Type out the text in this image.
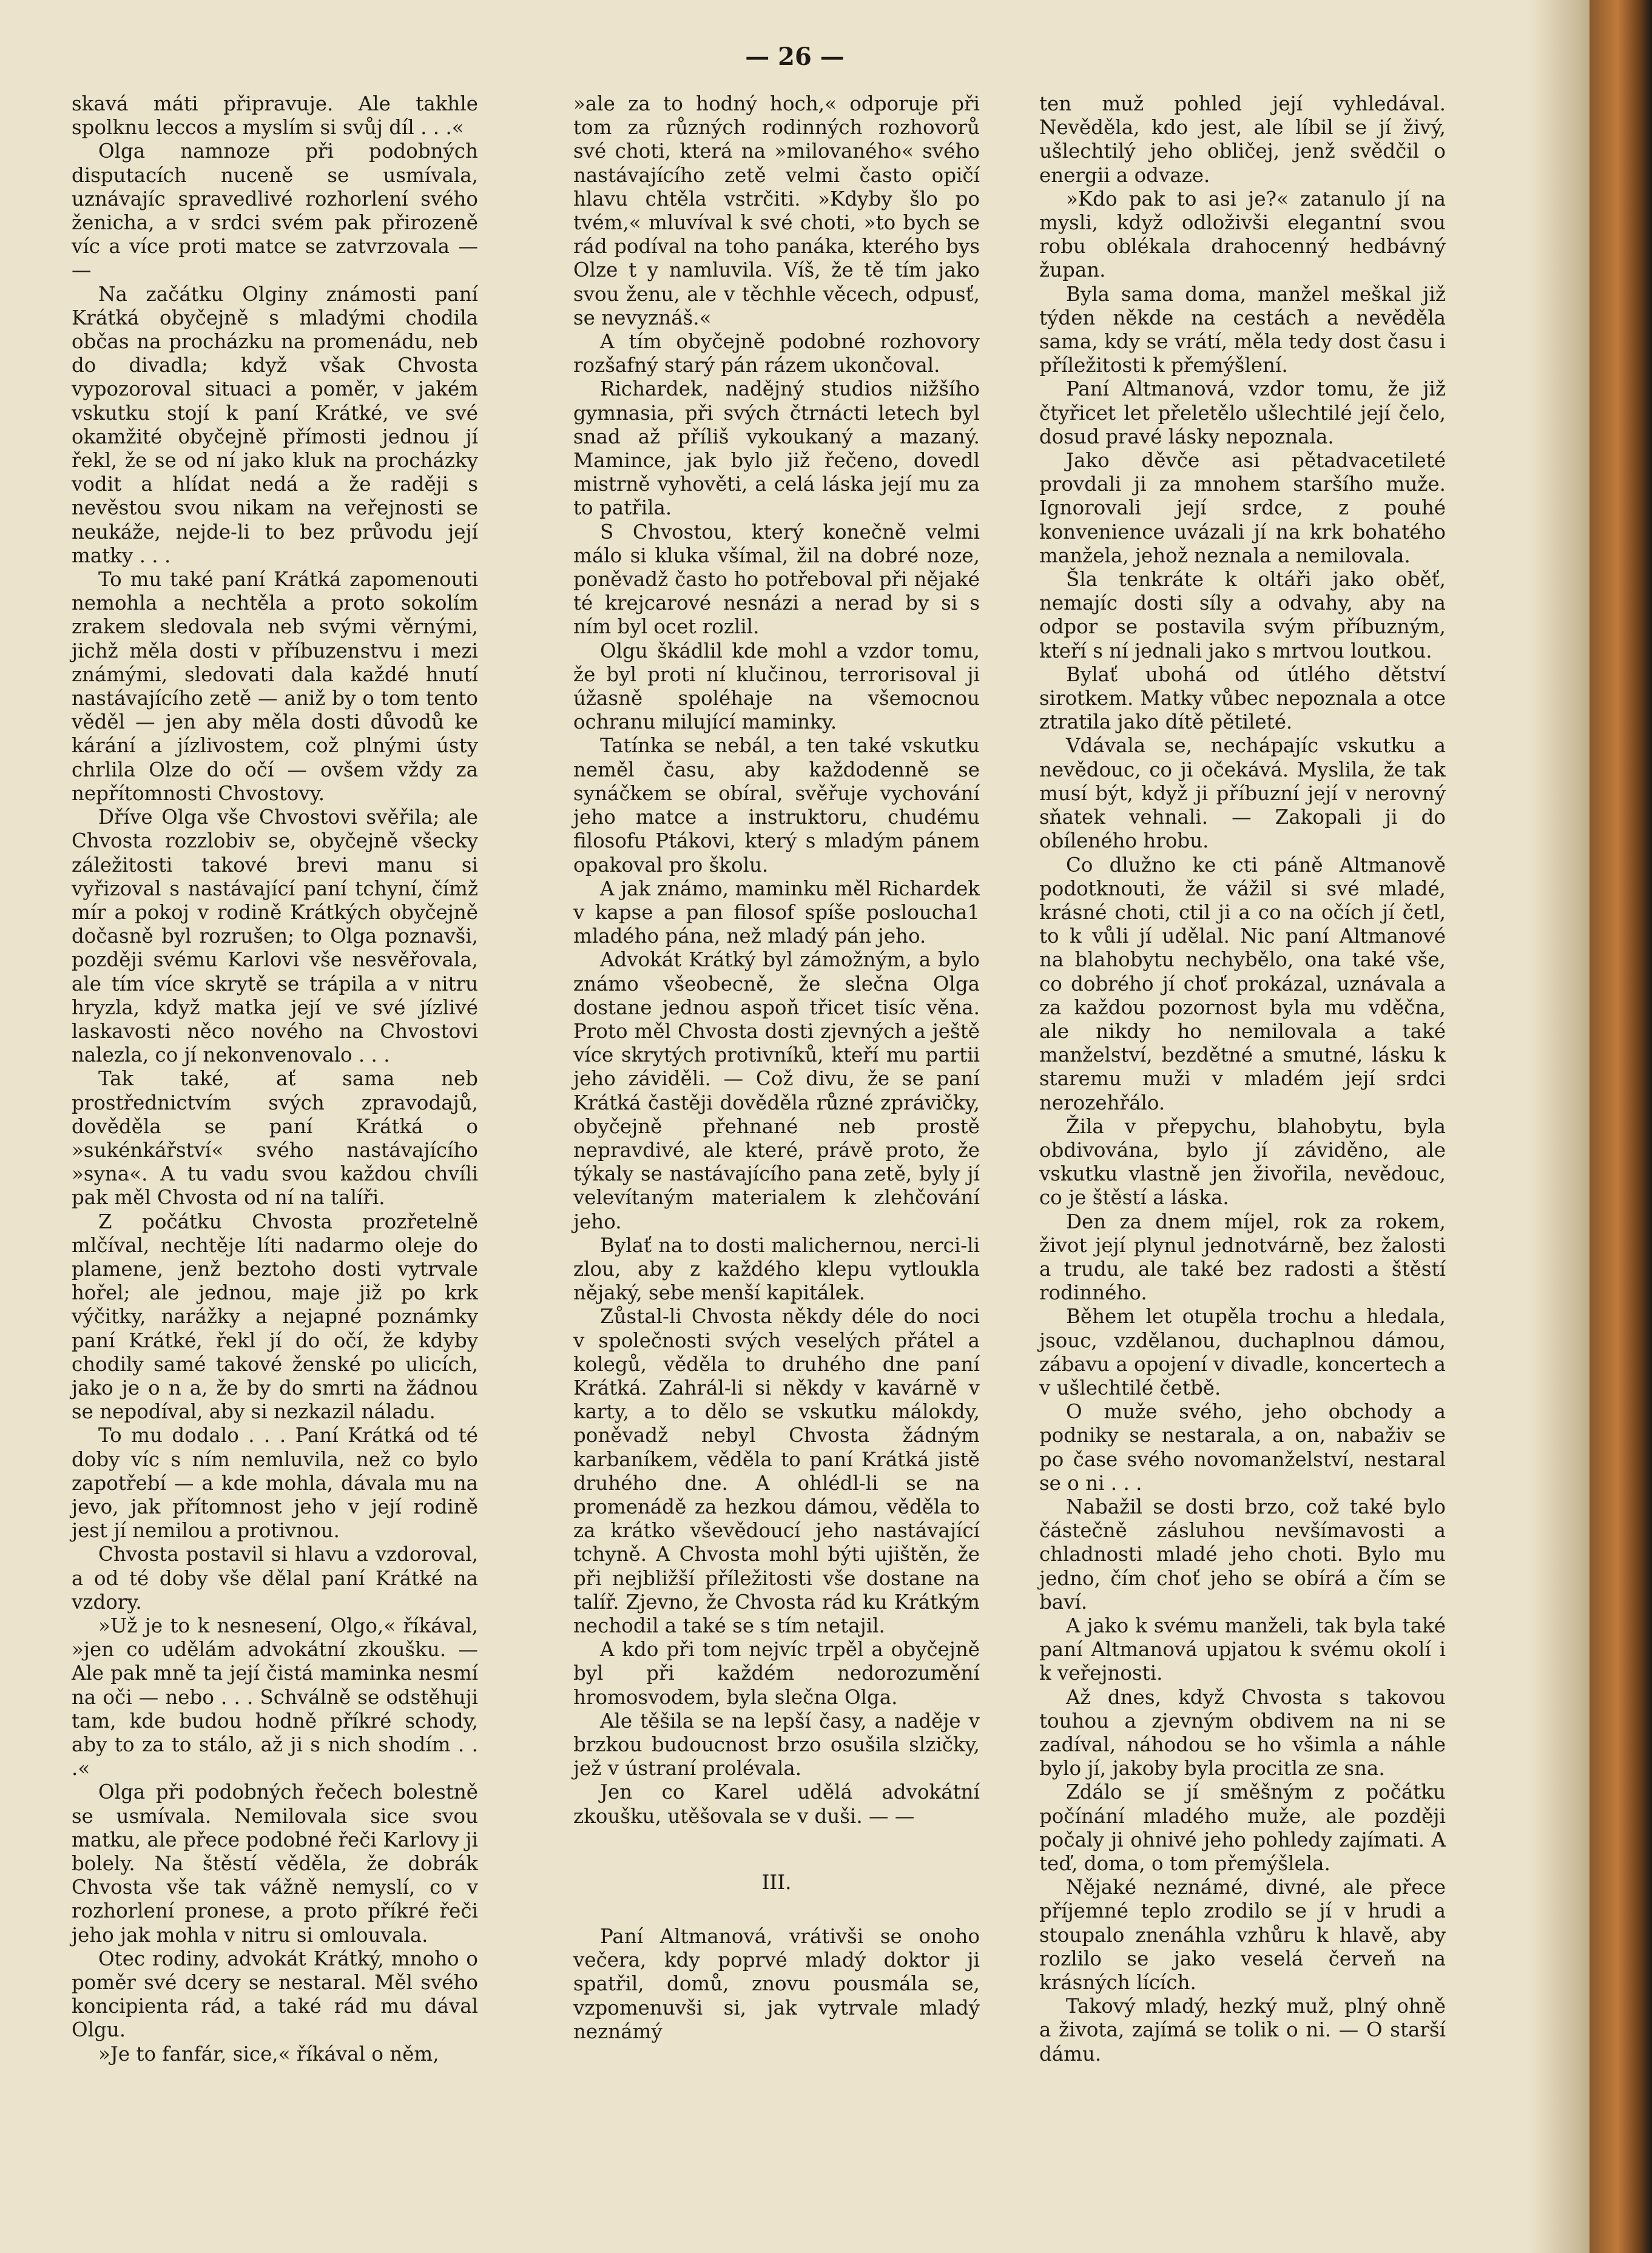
— 26 —

skavá máti připravuje. Ale takhle spolknu leccos a myslím si svůj díl . . .«

Olga namnoze při podobných disputacích nuceně se usmívala, uznávajíc spravedlivé rozhorlení svého ženicha, a v srdci svém pak přirozeně víc a více proti matce se zatvrzovala — —

Na začátku Olginy známosti paní Krátká obyčejně s mladými chodila občas na procházku na promenádu, neb do divadla; když však Chvosta vypozoroval situaci a poměr, v jakém vskutku stojí k paní Krátké, ve své okamžité obyčejně přímosti jednou jí řekl, že se od ní jako kluk na procházky vodit a hlídat nedá a že raději s nevěstou svou nikam na veřejnosti se neukáže, nejde-li to bez průvodu její matky . . .

To mu také paní Krátká zapomenouti nemohla a nechtěla a proto sokolím zrakem sledovala neb svými věrnými, jichž měla dosti v příbuzenstvu i mezi známými, sledovati dala každé hnutí nastávajícího zetě — aniž by o tom tento věděl — jen aby měla dosti důvodů ke kárání a jízlivostem, což plnými ústy chrlila Olze do očí — ovšem vždy za nepřítomnosti Chvostovy.

Dříve Olga vše Chvostovi svěřila; ale Chvosta rozzlobiv se, obyčejně všecky záležitosti takové brevi manu si vyřizoval s nastávající paní tchyní, čímž mír a pokoj v rodině Krátkých obyčejně dočasně byl rozrušen; to Olga poznavši, později svému Karlovi vše nesvěřovala, ale tím více skrytě se trápila a v nitru hryzla, když matka její ve své jízlivé laskavosti něco nového na Chvostovi nalezla, co jí nekonvenovalo . . .

Tak také, ať sama neb prostřednictvím svých zpravodajů, dověděla se paní Krátká o »sukénkářství« svého nastávajícího »syna«. A tu vadu svou každou chvíli pak měl Chvosta od ní na talíři.

Z počátku Chvosta prozřetelně mlčíval, nechtěje líti nadarmo oleje do plamene, jenž beztoho dosti vytrvale hořel; ale jednou, maje již po krk výčitky, narážky a nejapné poznámky paní Krátké, řekl jí do očí, že kdyby chodily samé takové ženské po ulicích, jako je o n a, že by do smrti na žádnou se nepodíval, aby si nezkazil náladu.

To mu dodalo . . . Paní Krátká od té doby víc s ním nemluvila, než co bylo zapotřebí — a kde mohla, dávala mu na jevo, jak přítomnost jeho v její rodině jest jí nemilou a protivnou.

Chvosta postavil si hlavu a vzdoroval, a od té doby vše dělal paní Krátké na vzdory.

»Už je to k nesnesení, Olgo,« říkával, »jen co udělám advokátní zkoušku. — Ale pak mně ta její čistá maminka nesmí na oči — nebo . . . Schválně se odstěhuji tam, kde budou hodně příkré schody, aby to za to stálo, až ji s nich shodím . . .«

Olga při podobných řečech bolestně se usmívala. Nemilovala sice svou matku, ale přece podobné řeči Karlovy ji bolely. Na štěstí věděla, že dobrák Chvosta vše tak vážně nemyslí, co v rozhorlení pronese, a proto příkré řeči jeho jak mohla v nitru si omlouvala.

Otec rodiny, advokát Krátký, mnoho o poměr své dcery se nestaral. Měl svého koncipienta rád, a také rád mu dával Olgu.

»Je to fanfár, sice,« říkával o něm,

»ale za to hodný hoch,« odporuje při tom za různých rodinných rozhovorů své choti, která na »milovaného« svého nastávajícího zetě velmi často opičí hlavu chtěla vstrčiti. »Kdyby šlo po tvém,« mluvíval k své choti, »to bych se rád podíval na toho panáka, kterého bys Olze t y namluvila. Víš, že tě tím jako svou ženu, ale v těchhle věcech, odpusť, se nevyznáš.«

A tím obyčejně podobné rozhovory rozšafný starý pán rázem ukončoval.

Richardek, nadějný studios nižšího gymnasia, při svých čtrnácti letech byl snad až příliš vykoukaný a mazaný. Mamince, jak bylo již řečeno, dovedl mistrně vyhověti, a celá láska její mu za to patřila.

S Chvostou, který konečně velmi málo si kluka všímal, žil na dobré noze, poněvadž často ho potřeboval při nějaké té krejcarové nesnázi a nerad by si s ním byl ocet rozlil.

Olgu škádlil kde mohl a vzdor tomu, že byl proti ní klučinou, terrorisoval ji úžasně spoléhaje na všemocnou ochranu milující maminky.

Tatínka se nebál, a ten také vskutku neměl času, aby každodenně se synáčkem se obíral, svěřuje vychování jeho matce a instruktoru, chudému filosofu Ptákovi, který s mladým pánem opakoval pro školu.

A jak známo, maminku měl Richardek v kapse a pan filosof spíše posloucha1 mladého pána, než mladý pán jeho.

Advokát Krátký byl zámožným, a bylo známo všeobecně, že slečna Olga dostane jednou aspoň třicet tisíc věna. Proto měl Chvosta dosti zjevných a ještě více skrytých protivníků, kteří mu partii jeho záviděli. — Což divu, že se paní Krátká častěji dověděla různé zprávičky, obyčejně přehnané neb prostě nepravdivé, ale které, právě proto, že týkaly se nastávajícího pana zetě, byly jí velevítaným materialem k zlehčování jeho.

Bylať na to dosti malichernou, nerci-li zlou, aby z každého klepu vytloukla nějaký, sebe menší kapitálek.

Zůstal-li Chvosta někdy déle do noci v společnosti svých veselých přátel a kolegů, věděla to druhého dne paní Krátká. Zahrál-li si někdy v kavárně v karty, a to dělo se vskutku málokdy, poněvadž nebyl Chvosta žádným karbaníkem, věděla to paní Krátká jistě druhého dne. A ohlédl-li se na promenádě za hezkou dámou, věděla to za krátko vševědoucí jeho nastávající tchyně. A Chvosta mohl býti ujištěn, že při nejbližší příležitosti vše dostane na talíř. Zjevno, že Chvosta rád ku Krátkým nechodil a také se s tím netajil.

A kdo při tom nejvíc trpěl a obyčejně byl při každém nedorozumění hromosvodem, byla slečna Olga.

Ale těšila se na lepší časy, a naděje v brzkou budoucnost brzo osušila slzičky, jež v ústraní prolévala.

Jen co Karel udělá advokátní zkoušku, utěšovala se v duši. — —

III.

Paní Altmanová, vrátivši se onoho večera, kdy poprvé mladý doktor ji spatřil, domů, znovu pousmála se, vzpomenuvši si, jak vytrvale mladý neznámý

ten muž pohled její vyhledával. Nevěděla, kdo jest, ale líbil se jí živý, ušlechtilý jeho obličej, jenž svědčil o energii a odvaze.

»Kdo pak to asi je?« zatanulo jí na mysli, když odloživši elegantní svou robu oblékala drahocenný hedbávný župan.

Byla sama doma, manžel meškal již týden někde na cestách a nevěděla sama, kdy se vrátí, měla tedy dost času i příležitosti k přemýšlení.

Paní Altmanová, vzdor tomu, že již čtyřicet let přeletělo ušlechtilé její čelo, dosud pravé lásky nepoznala.

Jako děvče asi pětadvacetileté provdali ji za mnohem staršího muže. Ignorovali její srdce, z pouhé konvenience uvázali jí na krk bohatého manžela, jehož neznala a nemilovala.

Šla tenkráte k oltáři jako oběť, nemajíc dosti síly a odvahy, aby na odpor se postavila svým příbuzným, kteří s ní jednali jako s mrtvou loutkou.

Bylať ubohá od útlého dětství sirotkem. Matky vůbec nepoznala a otce ztratila jako dítě pětileté.

Vdávala se, nechápajíc vskutku a nevědouc, co ji očekává. Myslila, že tak musí být, když ji příbuzní její v nerovný sňatek vehnali. — Zakopali ji do obíleného hrobu.

Co dlužno ke cti páně Altmanově podotknouti, že vážil si své mladé, krásné choti, ctil ji a co na očích jí četl, to k vůli jí udělal. Nic paní Altmanové na blahobytu nechybělo, ona také vše, co dobrého jí choť prokázal, uznávala a za každou pozornost byla mu vděčna, ale nikdy ho nemilovala a také manželství, bezdětné a smutné, lásku k staremu muži v mladém její srdci nerozehřálo.

Žila v přepychu, blahobytu, byla obdivována, bylo jí záviděno, ale vskutku vlastně jen živořila, nevědouc, co je štěstí a láska.

Den za dnem míjel, rok za rokem, život její plynul jednotvárně, bez žalosti a trudu, ale také bez radosti a štěstí rodinného.

Během let otupěla trochu a hledala, jsouc, vzdělanou, duchaplnou dámou, zábavu a opojení v divadle, koncertech a v ušlechtilé četbě.

O muže svého, jeho obchody a podniky se nestarala, a on, nabaživ se po čase svého novomanželství, nestaral se o ni . . .

Nabažil se dosti brzo, což také bylo částečně zásluhou nevšímavosti a chladnosti mladé jeho choti. Bylo mu jedno, čím choť jeho se obírá a čím se baví.

A jako k svému manželi, tak byla také paní Altmanová upjatou k svému okolí i k veřejnosti.

Až dnes, když Chvosta s takovou touhou a zjevným obdivem na ni se zadíval, náhodou se ho všimla a náhle bylo jí, jakoby byla procitla ze sna.

Zdálo se jí směšným z počátku počínání mladého muže, ale později počaly ji ohnivé jeho pohledy zajímati. A teď, doma, o tom přemýšlela.

Nějaké neznámé, divné, ale přece příjemné teplo zrodilo se jí v hrudi a stoupalo znenáhla vzhůru k hlavě, aby rozlilo se jako veselá červeň na krásných lících.

Takový mladý, hezký muž, plný ohně a života, zajímá se tolik o ni. — O starší dámu.
